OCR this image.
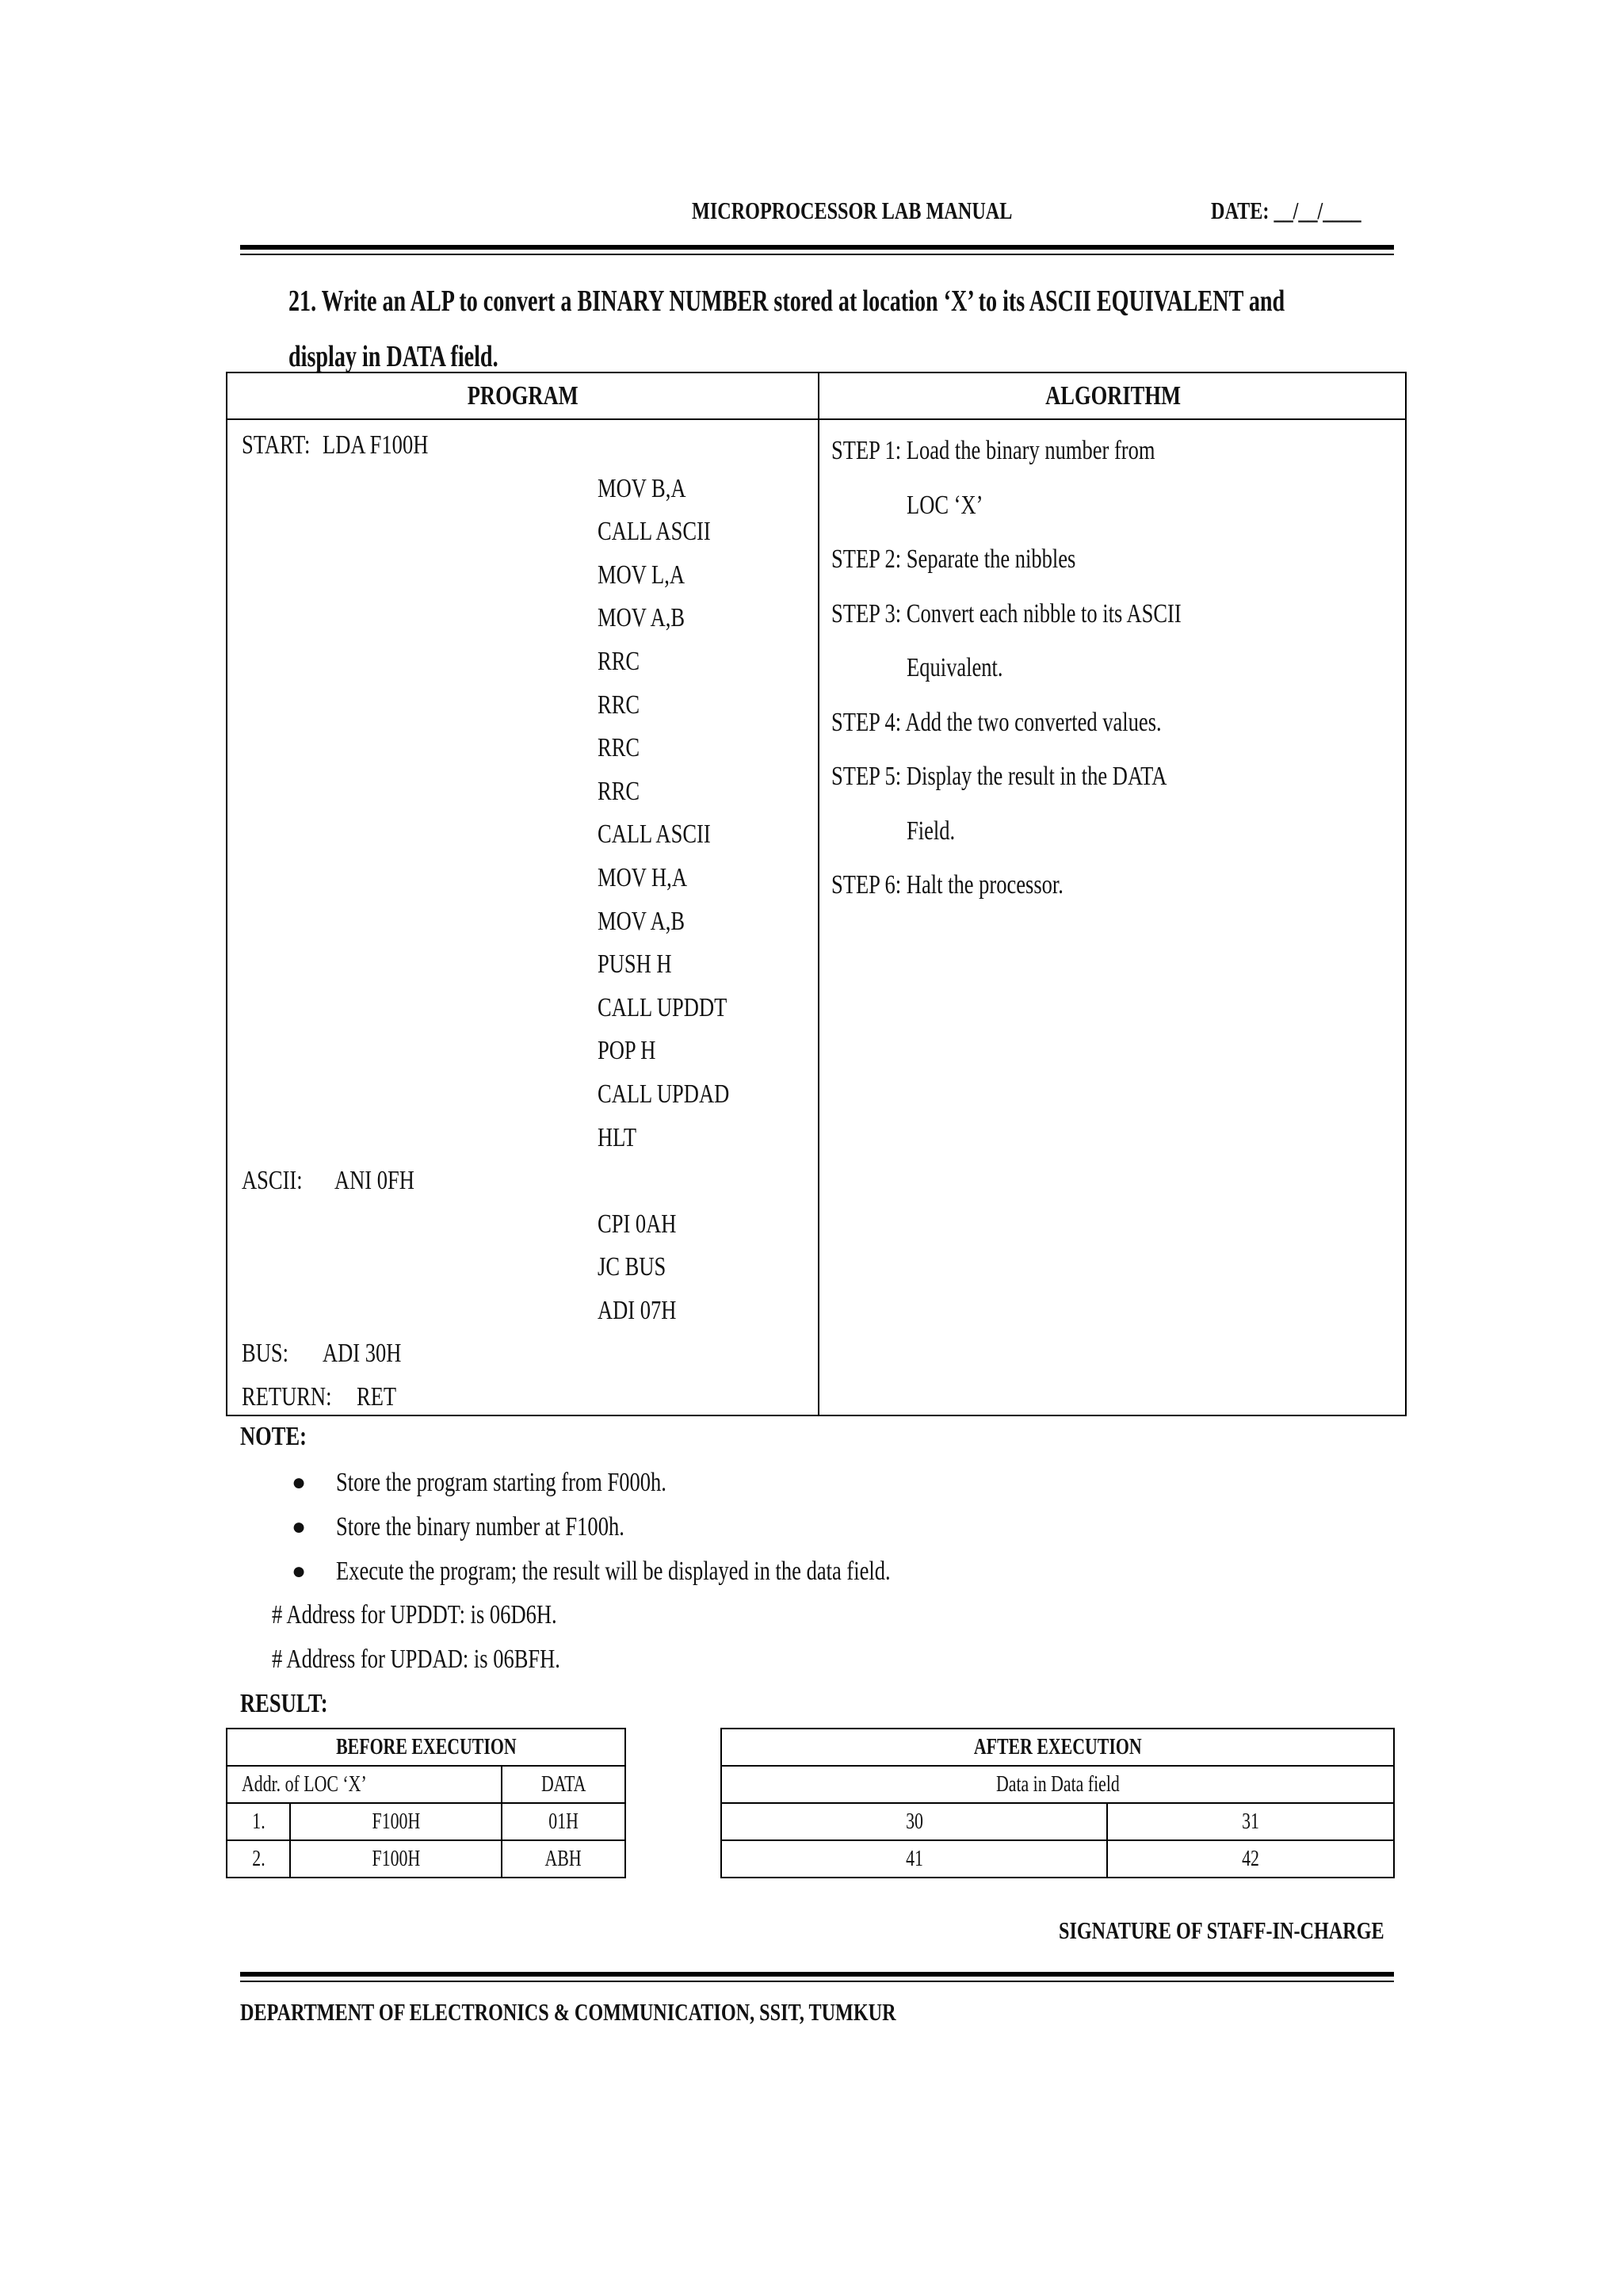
MICROPROCESSOR LAB MANUAL	DATE: __/__/____
21. Write an ALP to convert a BINARY NUMBER stored at location ‘X’ to its ASCII EQUIVALENT and
display in DATA field.
PROGRAM	ALGORITHM
START: LDA F100H
MOV B,A
CALL ASCII
MOV L,A
MOV A,B
RRC
RRC
RRC
RRC
CALL ASCII
MOV H,A
MOV A,B
PUSH H
CALL UPDDT
POP H
CALL UPDAD
HLT
ASCII:	ANI 0FH
CPI 0AH
JC BUS
ADI 07H
BUS:	ADI 30H
RETURN: RET
STEP 1: Load the binary number from
LOC ‘X’
STEP 2: Separate the nibbles
STEP 3: Convert each nibble to its ASCII
Equivalent.
STEP 4: Add the two converted values.
STEP 5: Display the result in the DATA
Field.
STEP 6: Halt the processor.
NOTE:
● Store the program starting from F000h.
● Store the binary number at F100h.
● Execute the program; the result will be displayed in the data field.
# Address for UPDDT: is 06D6H.
# Address for UPDAD: is 06BFH.
RESULT:
BEFORE EXECUTION		
Addr. of LOC ‘X’		DATA
1.	F100H	01H
2.	F100H	ABH
AFTER EXECUTION	
Data in Data field	
30	31
41	42
SIGNATURE OF STAFF-IN-CHARGE
DEPARTMENT OF ELECTRONICS & COMMUNICATION, SSIT, TUMKUR
